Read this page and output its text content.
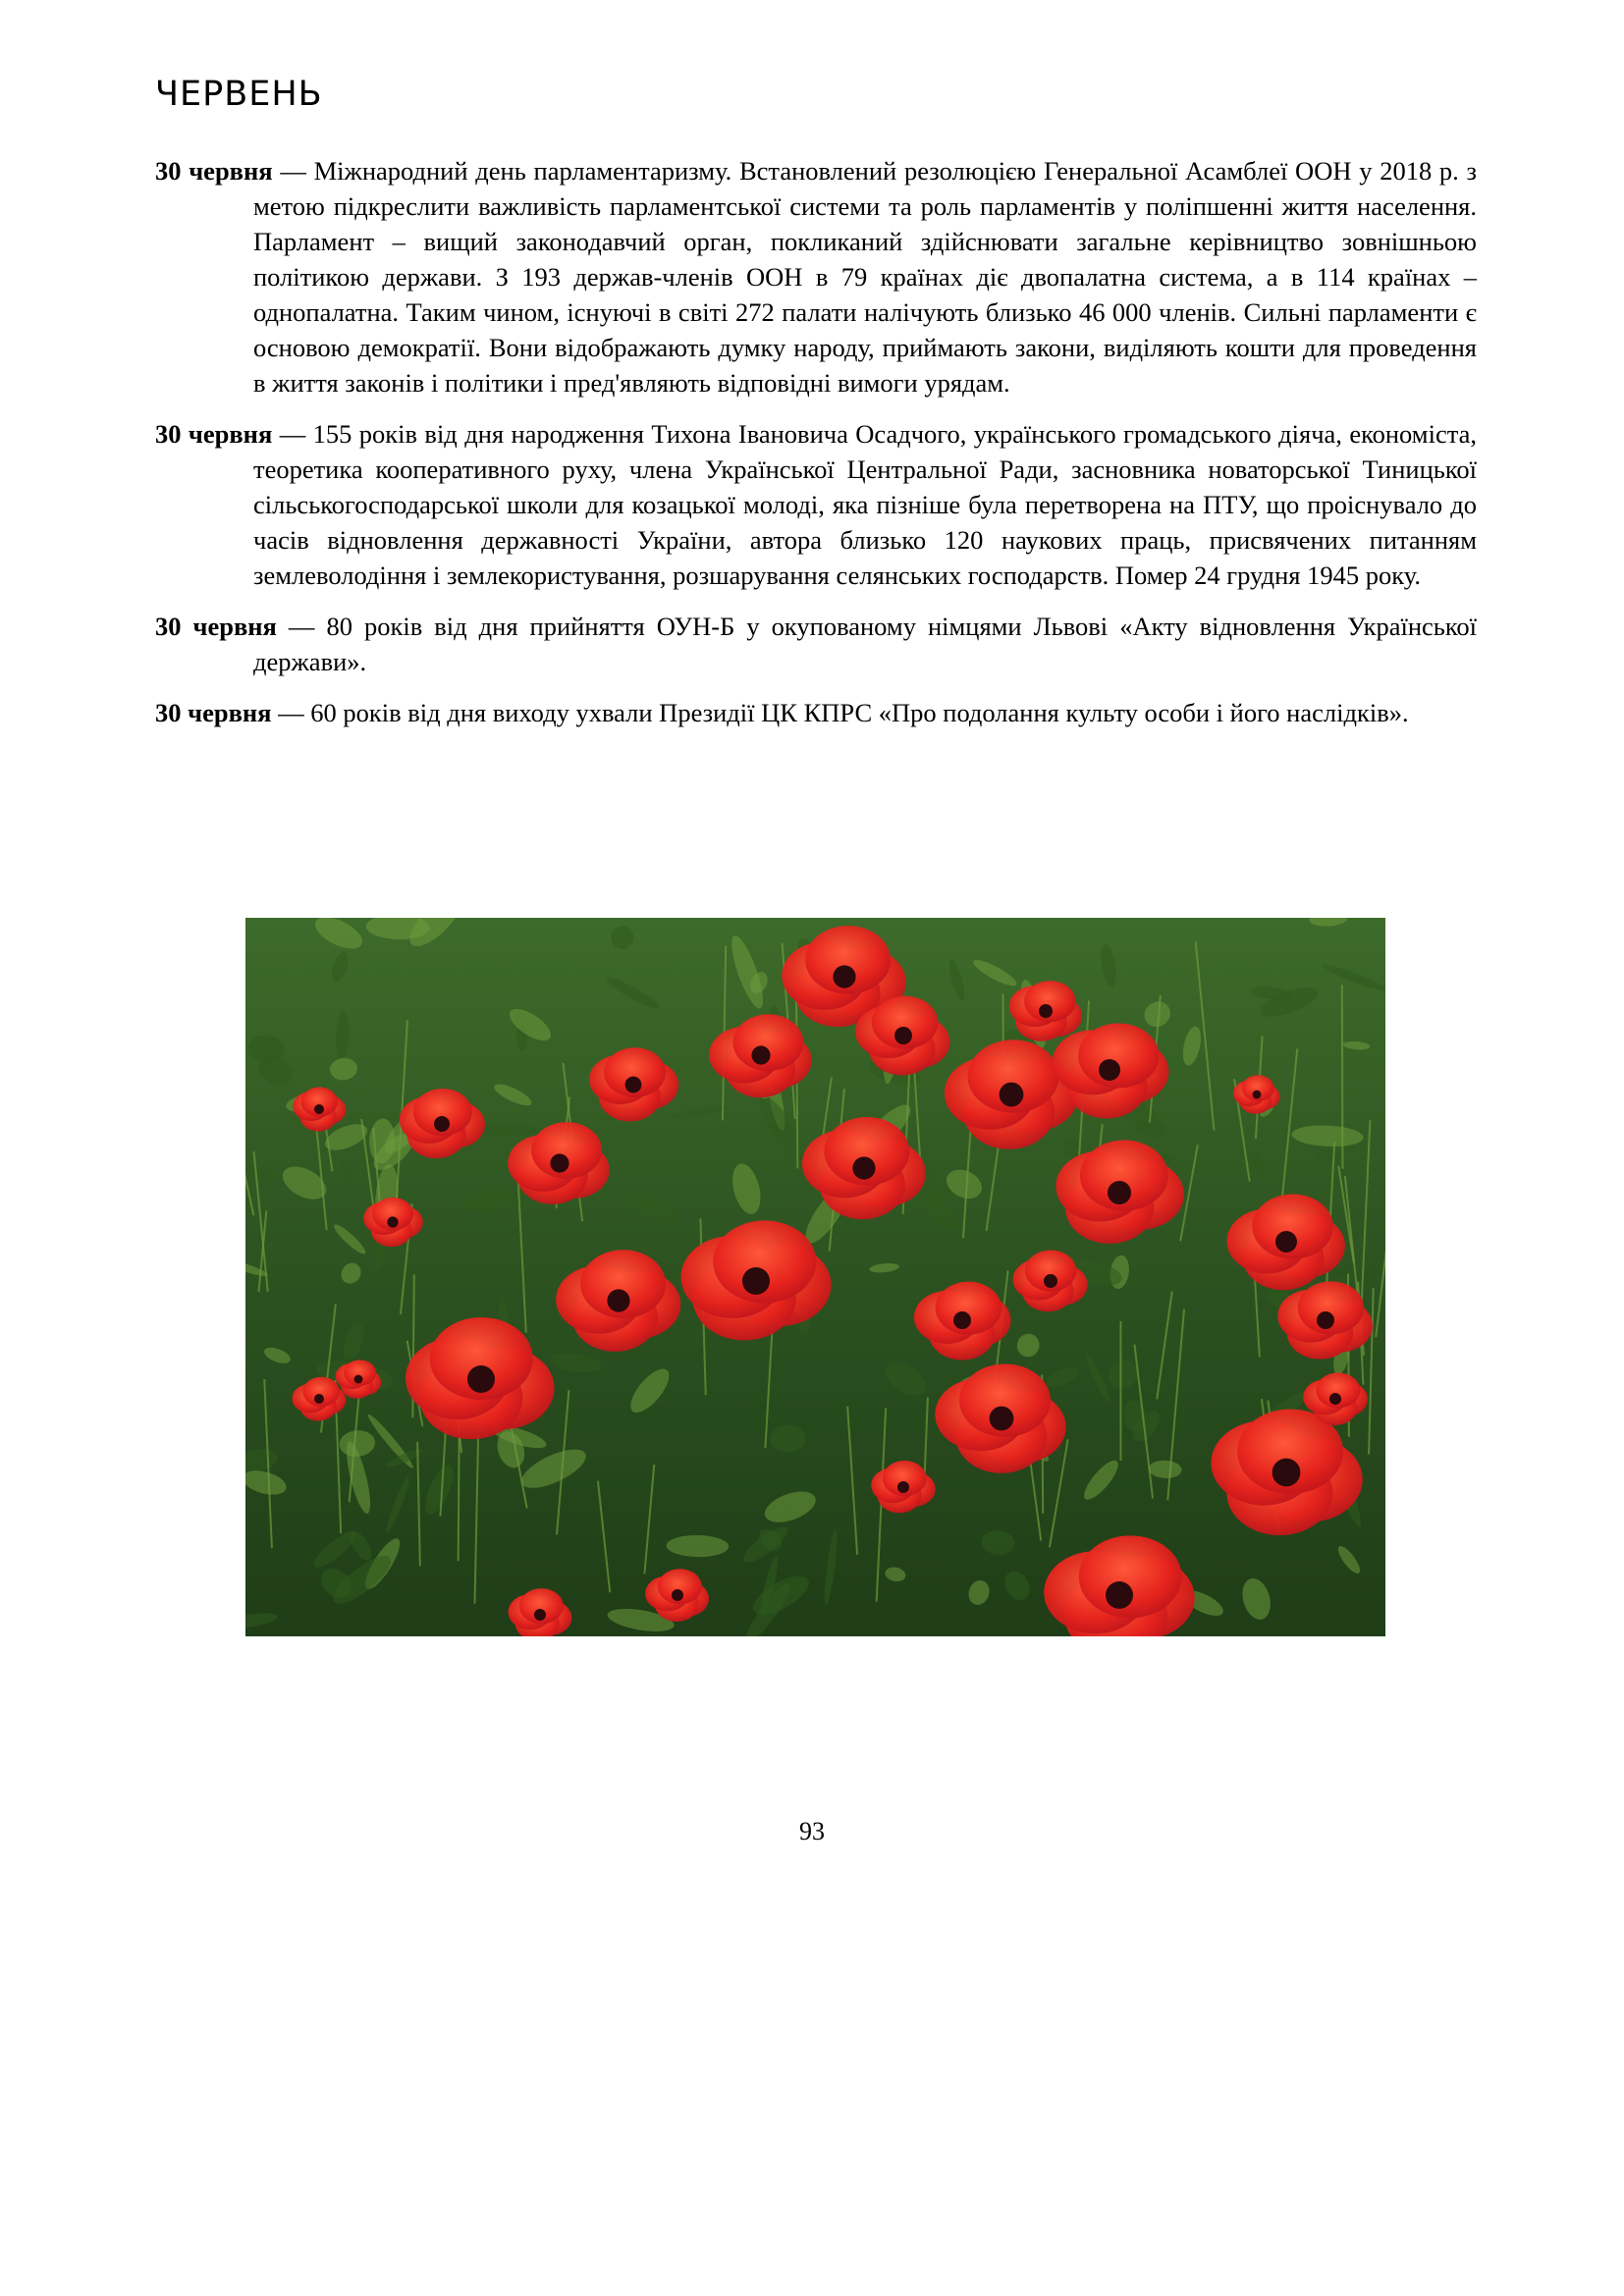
ЧЕРВЕНЬ

30 червня — Міжнародний день парламентаризму. Встановлений резолюцією Генеральної Асамблеї ООН у 2018 р. з метою підкреслити важливість парламентської системи та роль парламентів у поліпшенні життя населення. Парламент – вищий законодавчий орган, покликаний здійснювати загальне керівництво зовнішньою політикою держави. З 193 держав-членів ООН в 79 країнах діє двопалатна система, а в 114 країнах – однопалатна. Таким чином, існуючі в світі 272 палати налічують близько 46 000 членів. Сильні парламенти є основою демократії. Вони відображають думку народу, приймають закони, виділяють кошти для проведення в життя законів і політики і пред'являють відповідні вимоги урядам.

30 червня — 155 років від дня народження Тихона Івановича Осадчого, українського громадського діяча, економіста, теоретика кооперативного руху, члена Української Центральної Ради, засновника новаторської Тиницької сільськогосподарської школи для козацької молоді, яка пізніше була перетворена на ПТУ, що проіснувало до часів відновлення державності України, автора близько 120 наукових праць, присвячених питанням землеволодіння і землекористування, розшарування селянських господарств. Помер 24 грудня 1945 року.

30 червня — 80 років від дня прийняття ОУН-Б у окупованому німцями Львові «Акту відновлення Української держави».

30 червня — 60 років від дня виходу ухвали Президії ЦК КПРС «Про подолання культу особи і його наслідків».

93
